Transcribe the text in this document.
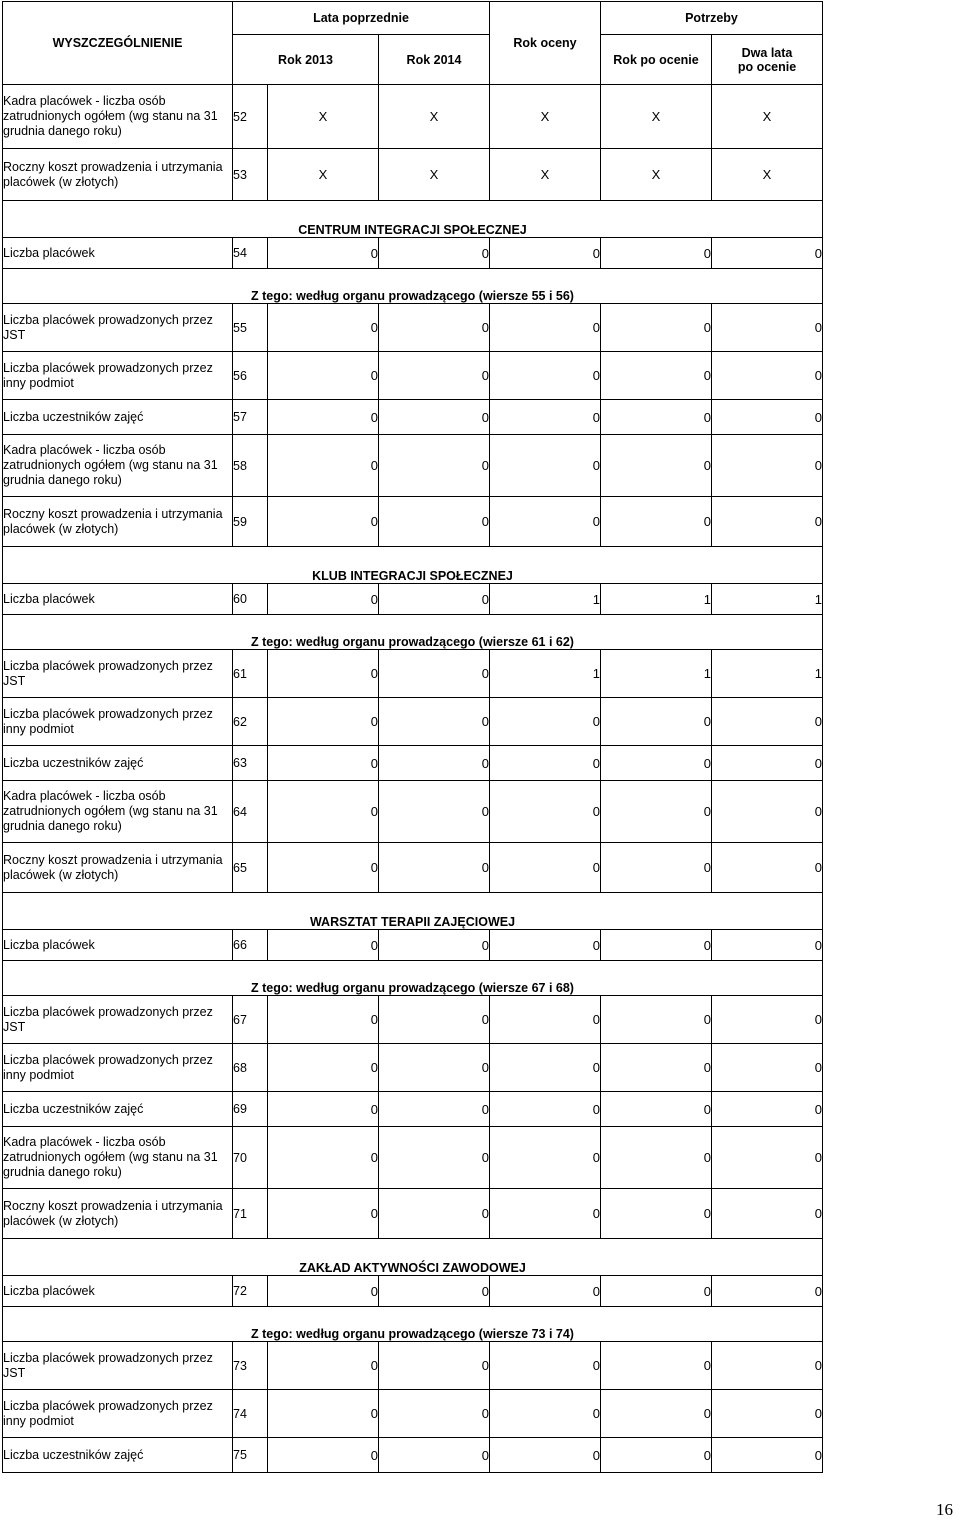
WYSZCZEGÓLNIENIE	Lata poprzednie			Rok oceny	Potrzeby	
	Rok 2013		Rok 2014		Rok po ocenie	Dwa lata
po ocenie
Kadra placówek - liczba osób zatrudnionych ogółem (wg stanu na 31 grudnia danego roku)	52	X	X	X	X	X
Roczny koszt prowadzenia i utrzymania placówek (w złotych)	53	X	X	X	X	X
CENTRUM INTEGRACJI SPOŁECZNEJ						
Liczba placówek	54	0	0	0	0	0
Z tego: według organu prowadzącego (wiersze 55 i 56)						
Liczba placówek prowadzonych przez JST	55	0	0	0	0	0
Liczba placówek prowadzonych przez inny podmiot	56	0	0	0	0	0
Liczba uczestników zajęć	57	0	0	0	0	0
Kadra placówek - liczba osób zatrudnionych ogółem (wg stanu na 31 grudnia danego roku)	58	0	0	0	0	0
Roczny koszt prowadzenia i utrzymania placówek (w złotych)	59	0	0	0	0	0
KLUB INTEGRACJI SPOŁECZNEJ						
Liczba placówek	60	0	0	1	1	1
Z tego: według organu prowadzącego (wiersze 61 i 62)						
Liczba placówek prowadzonych przez JST	61	0	0	1	1	1
Liczba placówek prowadzonych przez inny podmiot	62	0	0	0	0	0
Liczba uczestników zajęć	63	0	0	0	0	0
Kadra placówek - liczba osób zatrudnionych ogółem (wg stanu na 31 grudnia danego roku)	64	0	0	0	0	0
Roczny koszt prowadzenia i utrzymania placówek (w złotych)	65	0	0	0	0	0
WARSZTAT TERAPII ZAJĘCIOWEJ						
Liczba placówek	66	0	0	0	0	0
Z tego: według organu prowadzącego (wiersze 67 i 68)						
Liczba placówek prowadzonych przez JST	67	0	0	0	0	0
Liczba placówek prowadzonych przez inny podmiot	68	0	0	0	0	0
Liczba uczestników zajęć	69	0	0	0	0	0
Kadra placówek - liczba osób zatrudnionych ogółem (wg stanu na 31 grudnia danego roku)	70	0	0	0	0	0
Roczny koszt prowadzenia i utrzymania placówek (w złotych)	71	0	0	0	0	0
ZAKŁAD AKTYWNOŚCI ZAWODOWEJ						
Liczba placówek	72	0	0	0	0	0
Z tego: według organu prowadzącego (wiersze 73 i 74)						
Liczba placówek prowadzonych przez JST	73	0	0	0	0	0
Liczba placówek prowadzonych przez inny podmiot	74	0	0	0	0	0
Liczba uczestników zajęć	75	0	0	0	0	0
16
